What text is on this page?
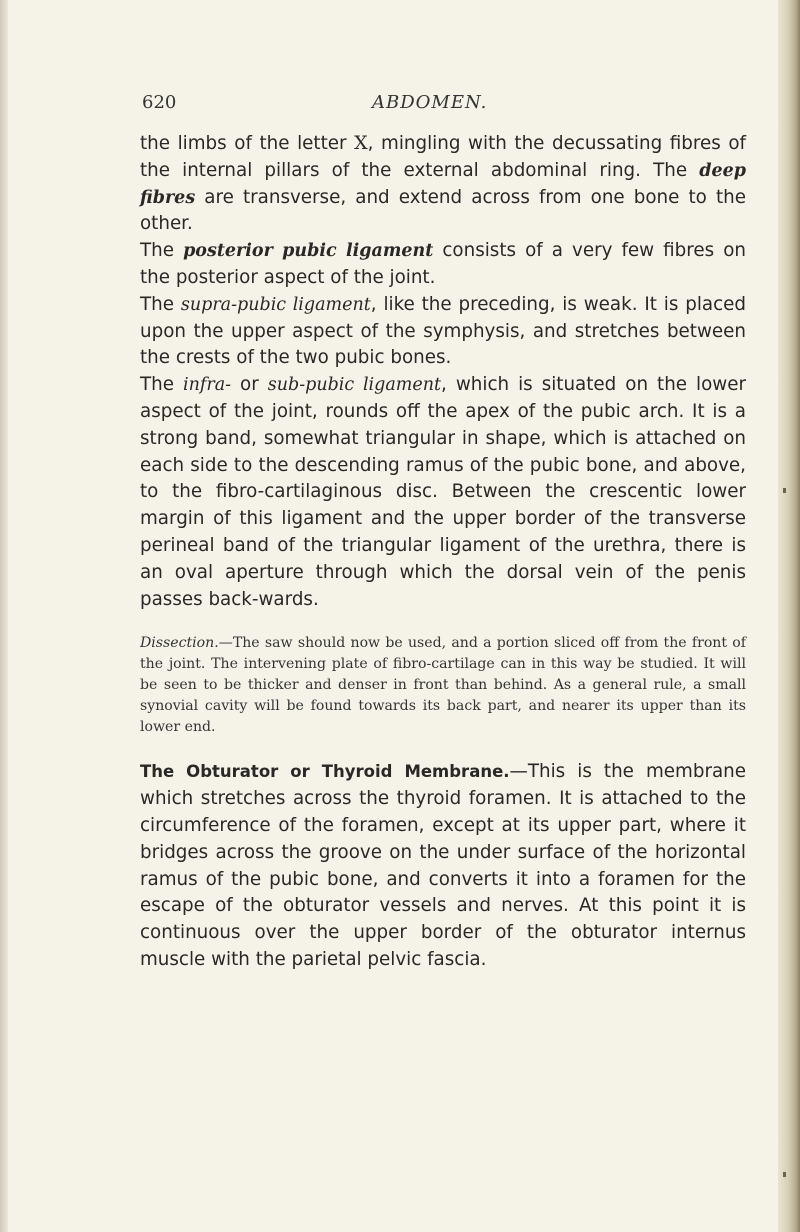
620	ABDOMEN.

the limbs of the letter X, mingling with the decussating fibres of the internal pillars of the external abdominal ring. The deep fibres are transverse, and extend across from one bone to the other.

The posterior pubic ligament consists of a very few fibres on the posterior aspect of the joint.

The supra-pubic ligament, like the preceding, is weak. It is placed upon the upper aspect of the symphysis, and stretches between the crests of the two pubic bones.

The infra- or sub-pubic ligament, which is situated on the lower aspect of the joint, rounds off the apex of the pubic arch. It is a strong band, somewhat triangular in shape, which is attached on each side to the descending ramus of the pubic bone, and above, to the fibro-cartilaginous disc. Between the crescentic lower margin of this ligament and the upper border of the transverse perineal band of the triangular ligament of the urethra, there is an oval aperture through which the dorsal vein of the penis passes back-wards.

Dissection.—The saw should now be used, and a portion sliced off from the front of the joint. The intervening plate of fibro-cartilage can in this way be studied. It will be seen to be thicker and denser in front than behind. As a general rule, a small synovial cavity will be found towards its back part, and nearer its upper than its lower end.

The Obturator or Thyroid Membrane.—This is the membrane which stretches across the thyroid foramen. It is attached to the circumference of the foramen, except at its upper part, where it bridges across the groove on the under surface of the horizontal ramus of the pubic bone, and converts it into a foramen for the escape of the obturator vessels and nerves. At this point it is continuous over the upper border of the obturator internus muscle with the parietal pelvic fascia.
